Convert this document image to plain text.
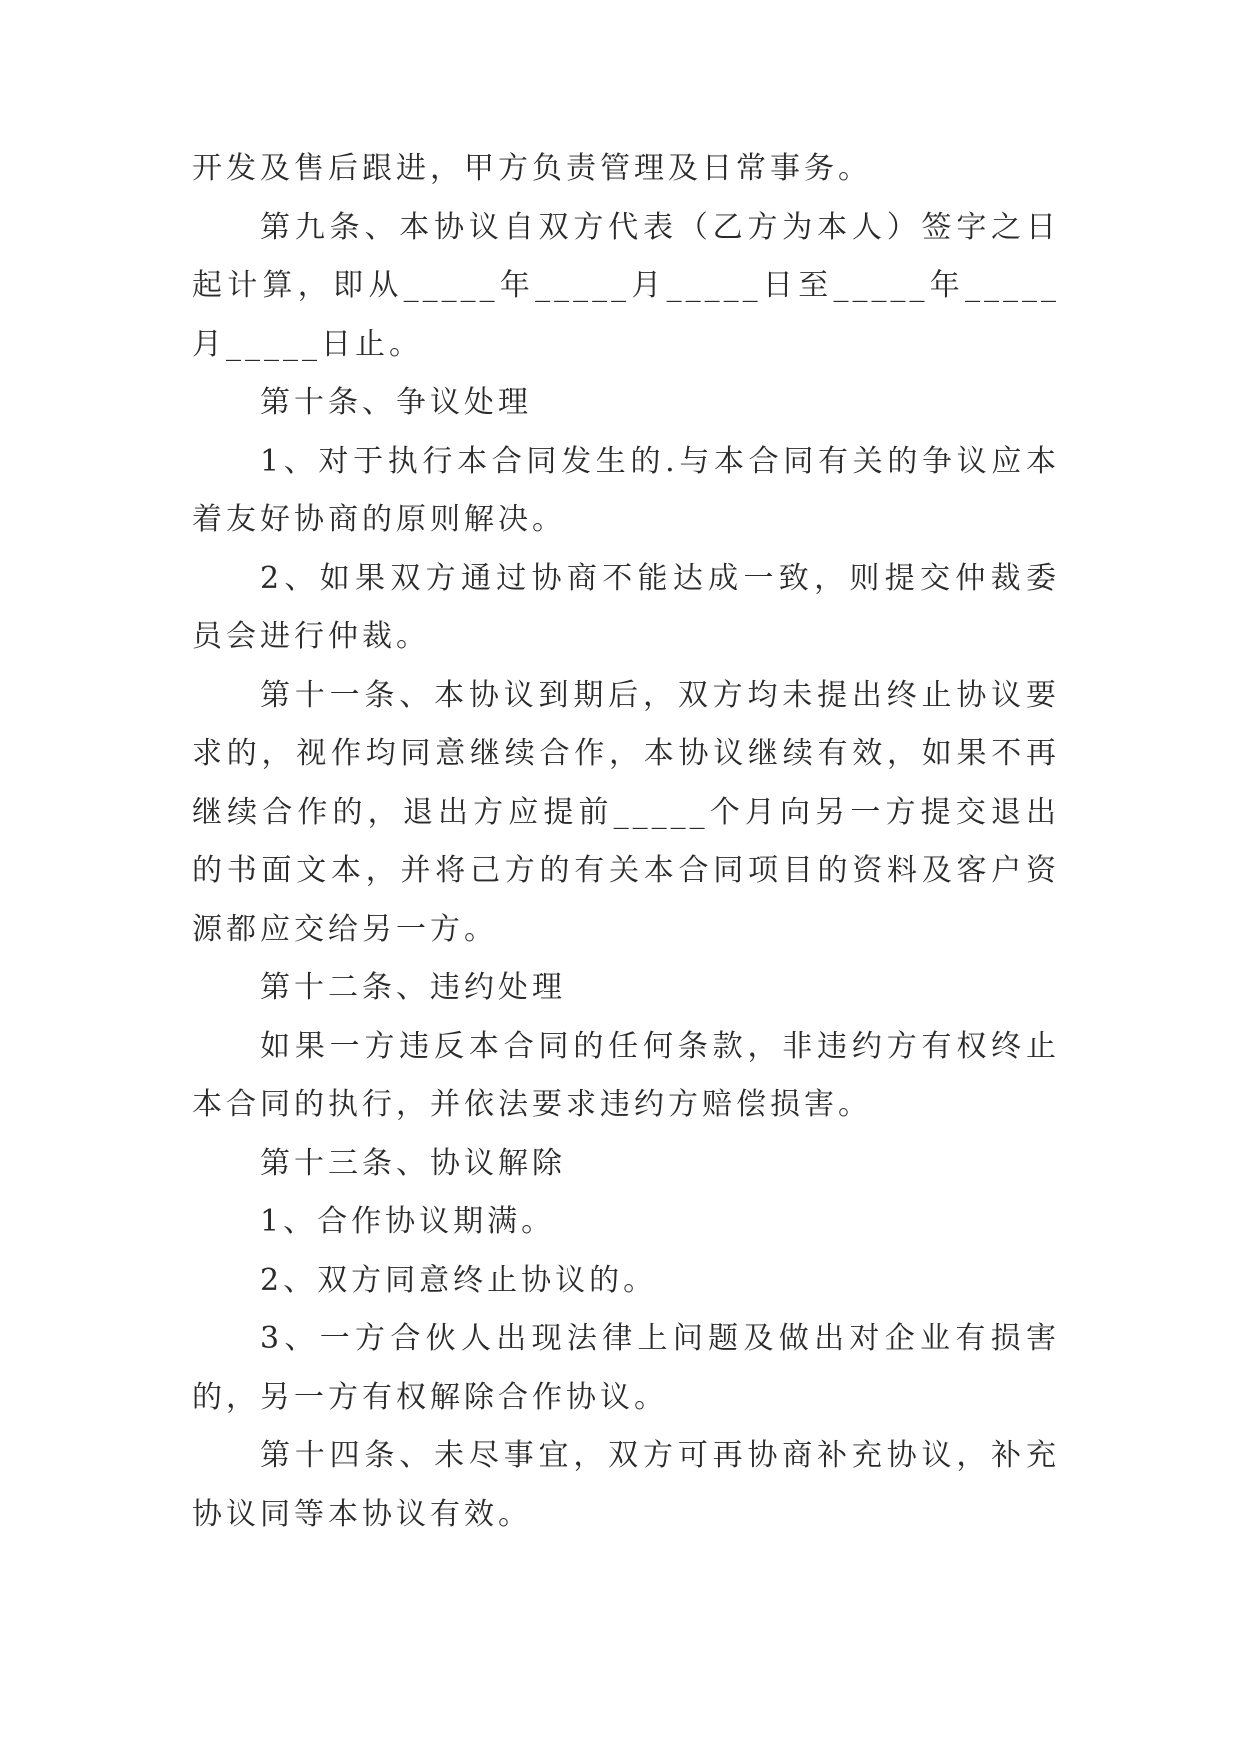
开发及售后跟进，甲方负责管理及日常事务。

第九条、本协议自双方代表（乙方为本人）签字之日起计算，即从_____年_____月_____日至_____年_____月_____日止。

第十条、争议处理

1、对于执行本合同发生的.与本合同有关的争议应本着友好协商的原则解决。

2、如果双方通过协商不能达成一致，则提交仲裁委员会进行仲裁。

第十一条、本协议到期后，双方均未提出终止协议要求的，视作均同意继续合作，本协议继续有效，如果不再继续合作的，退出方应提前_____个月向另一方提交退出的书面文本，并将己方的有关本合同项目的资料及客户资源都应交给另一方。

第十二条、违约处理

如果一方违反本合同的任何条款，非违约方有权终止本合同的执行，并依法要求违约方赔偿损害。

第十三条、协议解除

1、合作协议期满。

2、双方同意终止协议的。

3、一方合伙人出现法律上问题及做出对企业有损害的，另一方有权解除合作协议。

第十四条、未尽事宜，双方可再协商补充协议，补充协议同等本协议有效。
